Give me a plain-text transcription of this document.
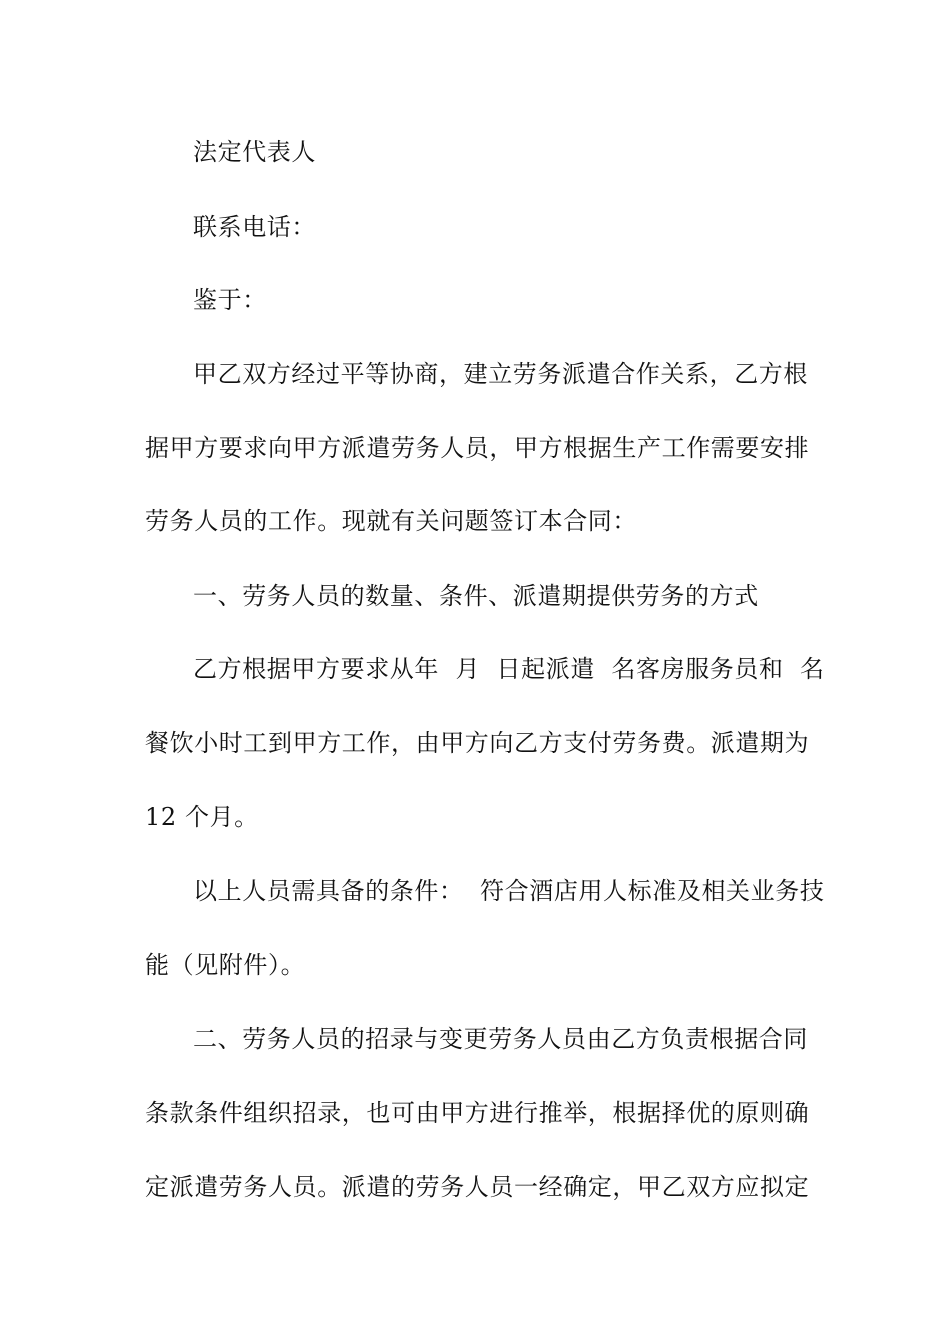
法定代表人
联系电话：
鉴于：
甲乙双方经过平等协商，建立劳务派遣合作关系，乙方根
据甲方要求向甲方派遣劳务人员，甲方根据生产工作需要安排
劳务人员的工作。现就有关问题签订本合同：
一、劳务人员的数量、条件、派遣期提供劳务的方式
乙方根据甲方要求从年  月  日起派遣  名客房服务员和  名
餐饮小时工到甲方工作，由甲方向乙方支付劳务费。派遣期为
12 个月。
以上人员需具备的条件：  符合酒店用人标准及相关业务技
能（见附件）。
二、劳务人员的招录与变更劳务人员由乙方负责根据合同
条款条件组织招录，也可由甲方进行推举，根据择优的原则确
定派遣劳务人员。派遣的劳务人员一经确定，甲乙双方应拟定
